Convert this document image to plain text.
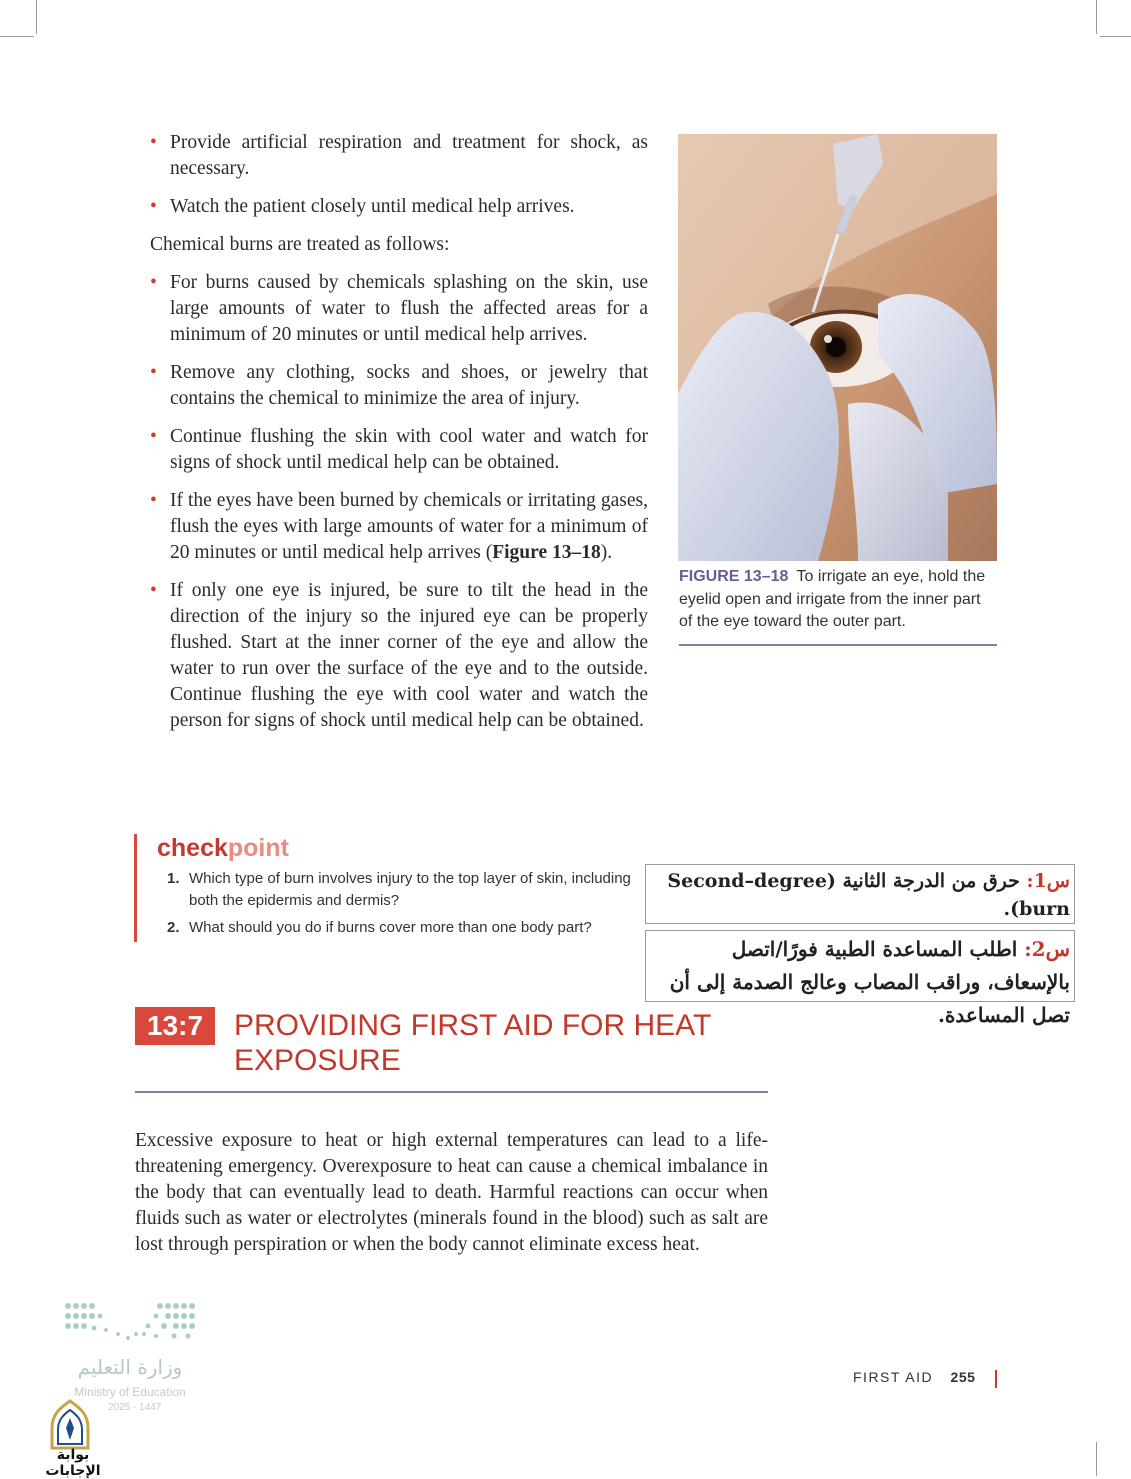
• Provide artificial respiration and treatment for shock, as necessary.
• Watch the patient closely until medical help arrives.
Chemical burns are treated as follows:
• For burns caused by chemicals splashing on the skin, use large amounts of water to flush the affected areas for a minimum of 20 minutes or until medical help arrives.
• Remove any clothing, socks and shoes, or jewelry that contains the chemical to minimize the area of injury.
• Continue flushing the skin with cool water and watch for signs of shock until medical help can be obtained.
• If the eyes have been burned by chemicals or irritating gases, flush the eyes with large amounts of water for a minimum of 20 minutes or until medical help arrives (Figure 13–18).
• If only one eye is injured, be sure to tilt the head in the direction of the injury so the injured eye can be properly flushed. Start at the inner corner of the eye and allow the water to run over the surface of the eye and to the outside. Continue flushing the eye with cool water and watch the person for signs of shock until medical help can be obtained.
FIGURE 13–18 To irrigate an eye, hold the eyelid open and irrigate from the inner part of the eye toward the outer part.
checkpoint
1. Which type of burn involves injury to the top layer of skin, including both the epidermis and dermis?
2. What should you do if burns cover more than one body part?
س1: حرق من الدرجة الثانية (Second–degree burn).
س2: اطلب المساعدة الطبية فورًا/اتصل بالإسعاف، وراقب المصاب وعالج الصدمة إلى أن تصل المساعدة.
13:7	PROVIDING FIRST AID FOR HEAT EXPOSURE
Excessive exposure to heat or high external temperatures can lead to a life-threatening emergency. Overexposure to heat can cause a chemical imbalance in the body that can eventually lead to death. Harmful reactions can occur when fluids such as water or electrolytes (minerals found in the blood) such as salt are lost through perspiration or when the body cannot eliminate excess heat.
وزارة التعليم
Ministry of Education
2025 - 1447
بوابة الإجابات
FIRST AID 255
